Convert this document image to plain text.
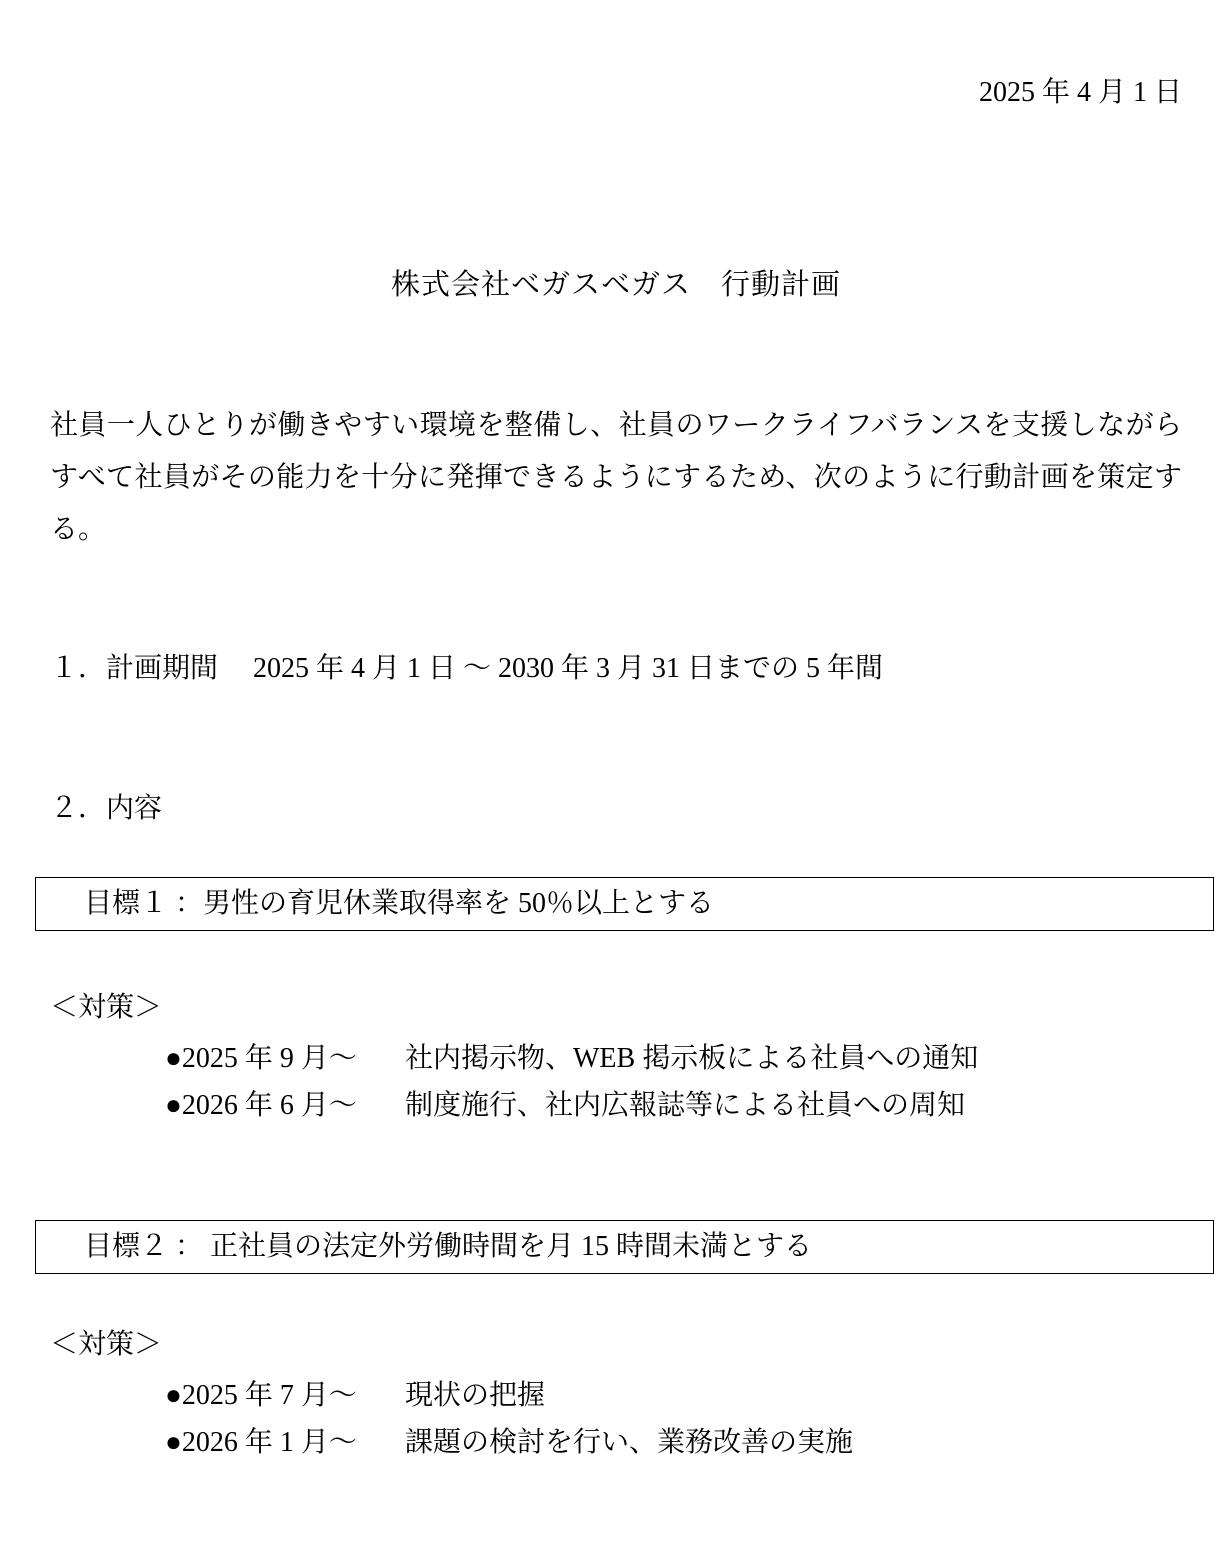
2025 年 4 月 1 日
株式会社ベガスベガス　行動計画
社員一人ひとりが働きやすい環境を整備し、社員のワークライフバランスを支援しながらすべて社員がその能力を十分に発揮できるようにするため、次のように行動計画を策定する。
１．計画期間　 2025 年 4 月 1 日 ～ 2030 年 3 月 31 日までの 5 年間
２．内容
目標１ ：男性の育児休業取得率を 50％以上とする
＜対策＞
●2025 年 9 月～ 社内掲示物、WEB 掲示板による社員への通知
●2026 年 6 月～ 制度施行、社内広報誌等による社員への周知
目標２ ： 正社員の法定外労働時間を月 15 時間未満とする
＜対策＞
●2025 年 7 月～ 現状の把握
●2026 年 1 月～ 課題の検討を行い、業務改善の実施
